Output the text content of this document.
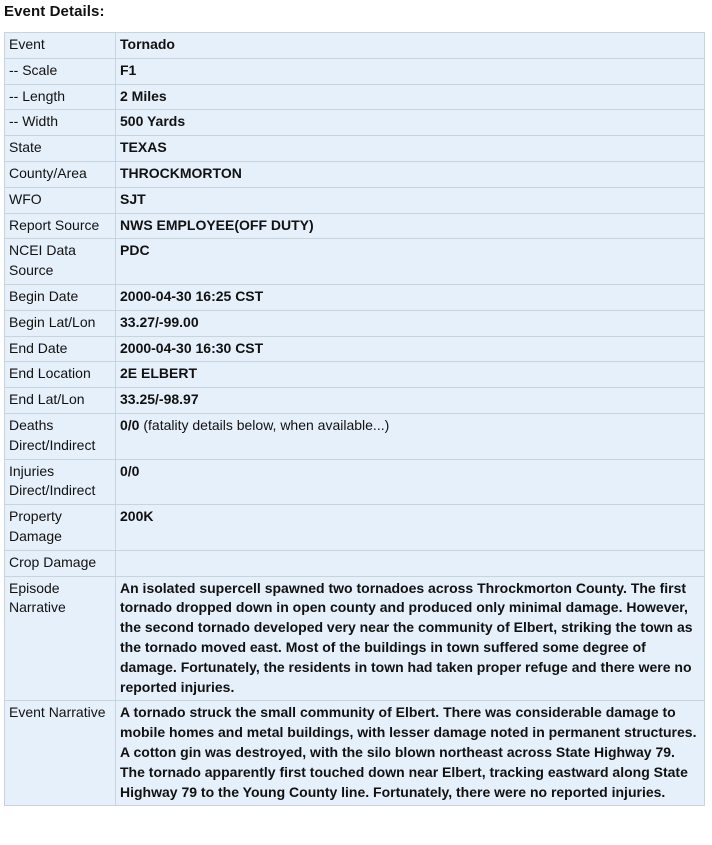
Event Details:
Event	Tornado
-- Scale	F1
-- Length	2 Miles
-- Width	500 Yards
State	TEXAS
County/Area	THROCKMORTON
WFO	SJT
Report Source	NWS EMPLOYEE(OFF DUTY)
NCEI Data Source	PDC
Begin Date	2000-04-30 16:25 CST
Begin Lat/Lon	33.27/-99.00
End Date	2000-04-30 16:30 CST
End Location	2E ELBERT
End Lat/Lon	33.25/-98.97
Deaths Direct/Indirect	0/0 (fatality details below, when available...)
Injuries Direct/Indirect	0/0
Property Damage	200K
Crop Damage	
Episode Narrative	An isolated supercell spawned two tornadoes across Throckmorton County. The first tornado dropped down in open county and produced only minimal damage. However, the second tornado developed very near the community of Elbert, striking the town as the tornado moved east. Most of the buildings in town suffered some degree of damage. Fortunately, the residents in town had taken proper refuge and there were no reported injuries.
Event Narrative	A tornado struck the small community of Elbert. There was considerable damage to mobile homes and metal buildings, with lesser damage noted in permanent structures. A cotton gin was destroyed, with the silo blown northeast across State Highway 79. The tornado apparently first touched down near Elbert, tracking eastward along State Highway 79 to the Young County line. Fortunately, there were no reported injuries.
